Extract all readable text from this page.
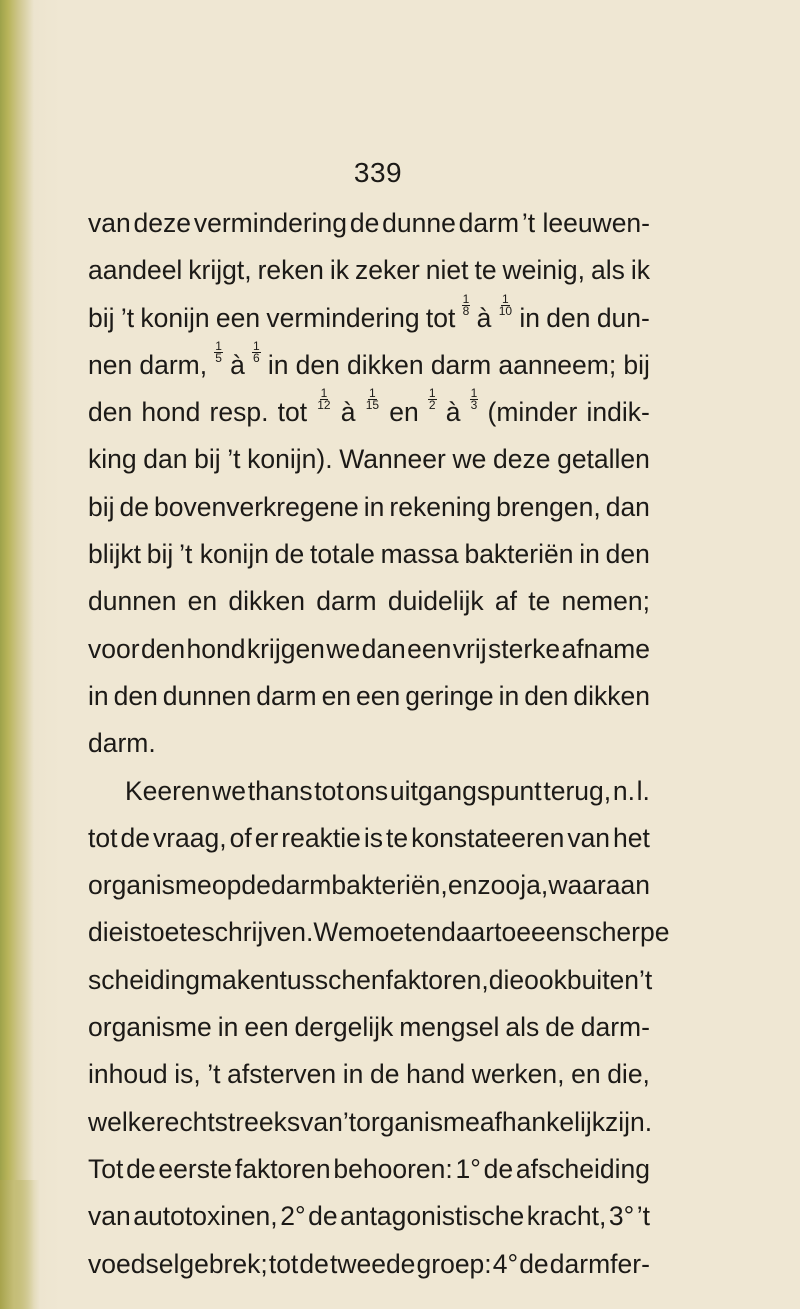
339
van deze vermindering de dunne darm ’t leeuwen-
aandeel krijgt, reken ik zeker niet te weinig, als ik
bij ’t konijn een vermindering tot $\frac{1}{8}$ à $\frac{1}{10}$ in den dun-
nen darm, $\frac{1}{5}$ à $\frac{1}{6}$ in den dikken darm aanneem; bij
den hond resp. tot $\frac{1}{12}$ à $\frac{1}{15}$ en $\frac{1}{2}$ à $\frac{1}{3}$ (minder indik-
king dan bij ’t konijn). Wanneer we deze getallen
bij de bovenverkregene in rekening brengen, dan
blijkt bij ’t konijn de totale massa bakteriën in den
dunnen en dikken darm duidelijk af te nemen;
voor den hond krijgen we dan een vrij sterke afname
in den dunnen darm en een geringe in den dikken
darm.
Keeren we thans tot ons uitgangspunt terug, n. l.
tot de vraag, of er reaktie is te konstateeren van het
organisme op de darmbakteriën, en zoo ja, waaraan
die is toe te schrijven. We moeten daartoe een scherpe
scheiding maken tusschen faktoren, die ook buiten ’t
organisme in een dergelijk mengsel als de darm-
inhoud is, ’t afsterven in de hand werken, en die,
welke rechtstreeks van ’t organisme afhankelijk zijn.
Tot de eerste faktoren behooren: 1° de afscheiding
van autotoxinen, 2° de antagonistische kracht, 3° ’t
voedselgebrek; tot de tweede groep: 4° de darmfer-
